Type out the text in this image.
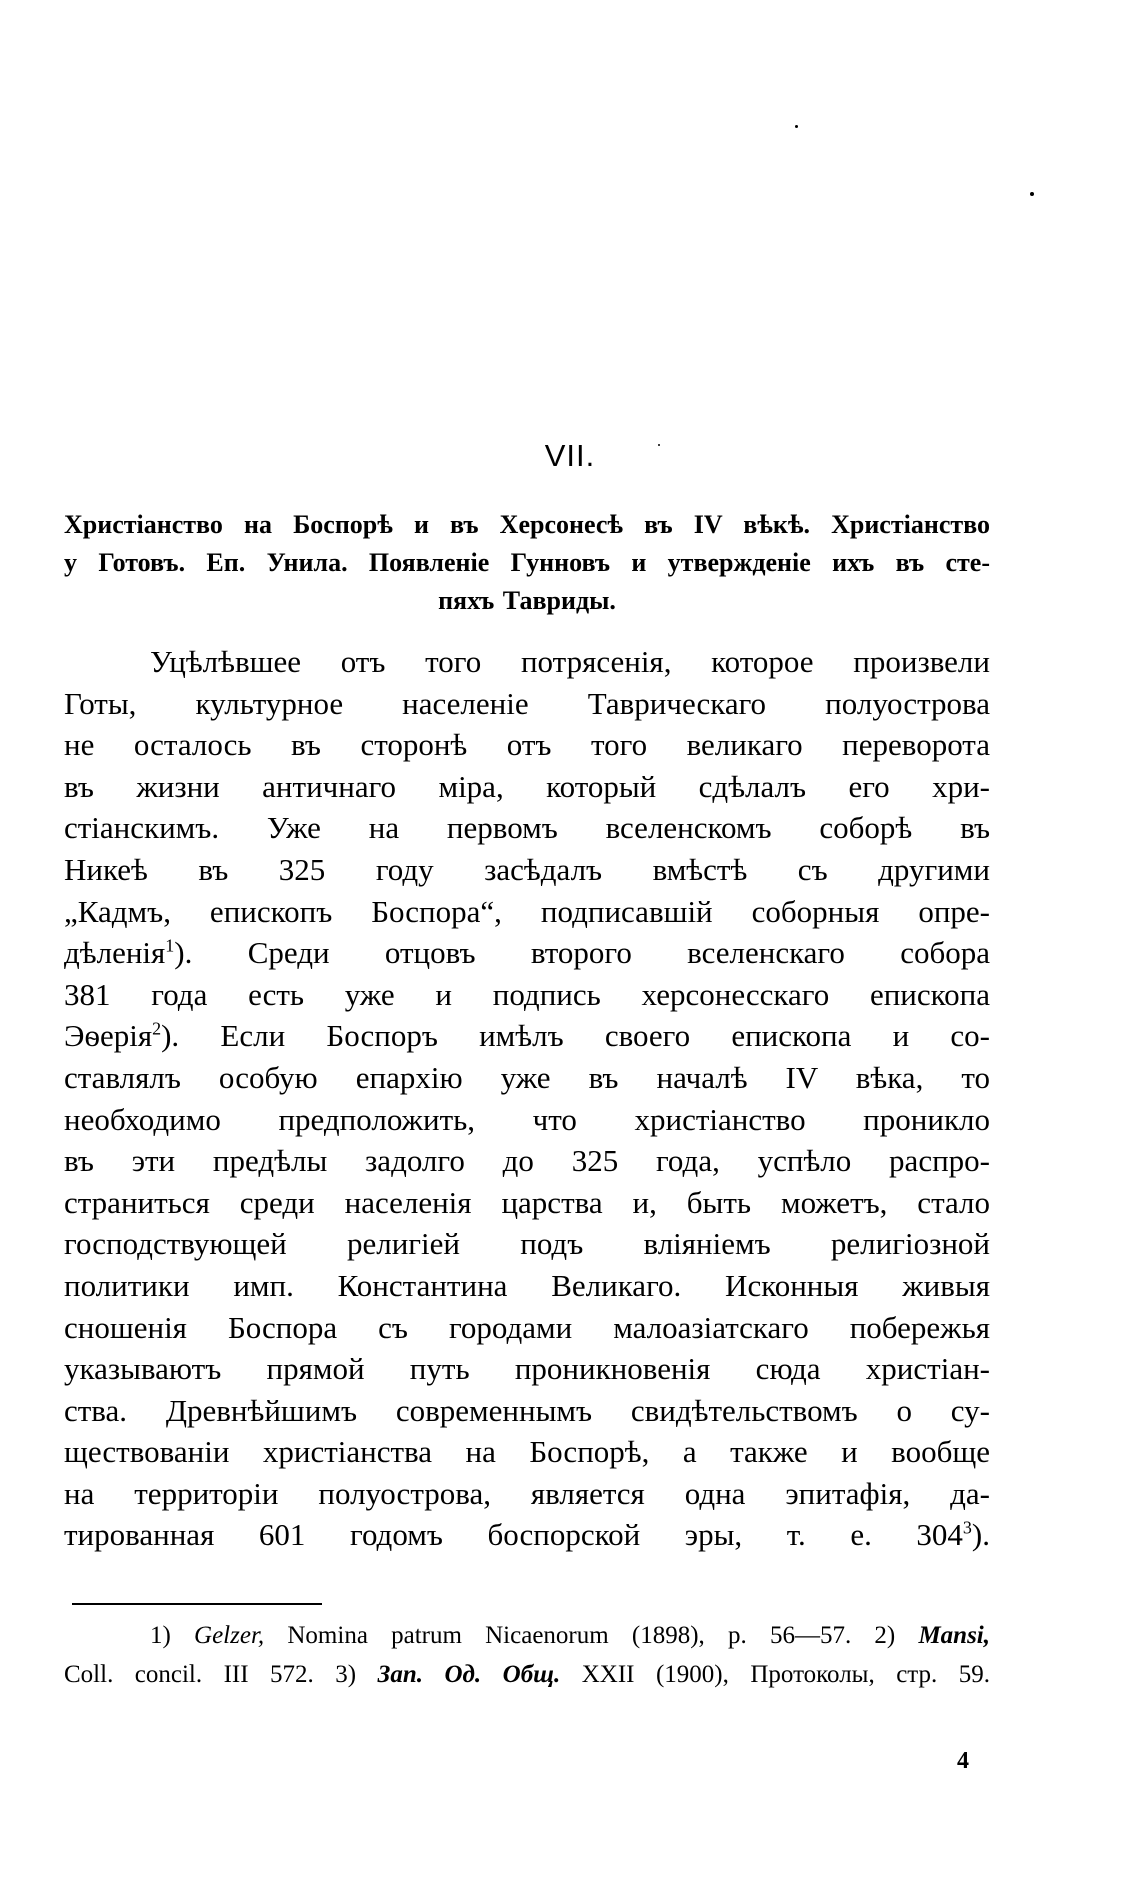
VII.
Христіанство на Боспорѣ и въ Херсонесѣ въ IV вѣкѣ. Христіанство
у Готовъ. Еп. Унила. Появленіе Гунновъ и утвержденіе ихъ въ сте-
пяхъ Тавриды.
Уцѣлѣвшее отъ того потрясенія, которое произвели
Готы, культурное населеніе Таврическаго полуострова
не осталось въ сторонѣ отъ того великаго переворота
въ жизни античнаго міра, который сдѣлалъ его хри-
стіанскимъ. Уже на первомъ вселенскомъ соборѣ въ
Никеѣ въ 325 году засѣдалъ вмѣстѣ съ другими
„Кадмъ, епископъ Боспора“, подписавшій соборныя опре-
дѣленія$^1$). Среди отцовъ второго вселенскаго собора
381 года есть уже и подпись херсонесскаго епископа
Эѳерія$^2$). Если Боспоръ имѣлъ своего епископа и со-
ставлялъ особую епархію уже въ началѣ IV вѣка, то
необходимо предположить, что христіанство проникло
въ эти предѣлы задолго до 325 года, успѣло распро-
страниться среди населенія царства и, быть можетъ, стало
господствующей религіей подъ вліяніемъ религіозной
политики имп. Константина Великаго. Исконныя живыя
сношенія Боспора съ городами малоазіатскаго побережья
указываютъ прямой путь проникновенія сюда христіан-
ства. Древнѣйшимъ современнымъ свидѣтельствомъ о су-
ществованіи христіанства на Боспорѣ, а также и вообще
на территоріи полуострова, является одна эпитафія, да-
тированная 601 годомъ боспорской эры, т. е. $304^3$).
1) Gelzer, Nomina patrum Nicaenorum (1898), p. 56—57. 2) Mansi,
Coll. concil. III 572. 3) Зап. Од. Общ. XXII (1900), Протоколы, стр. 59.
4
